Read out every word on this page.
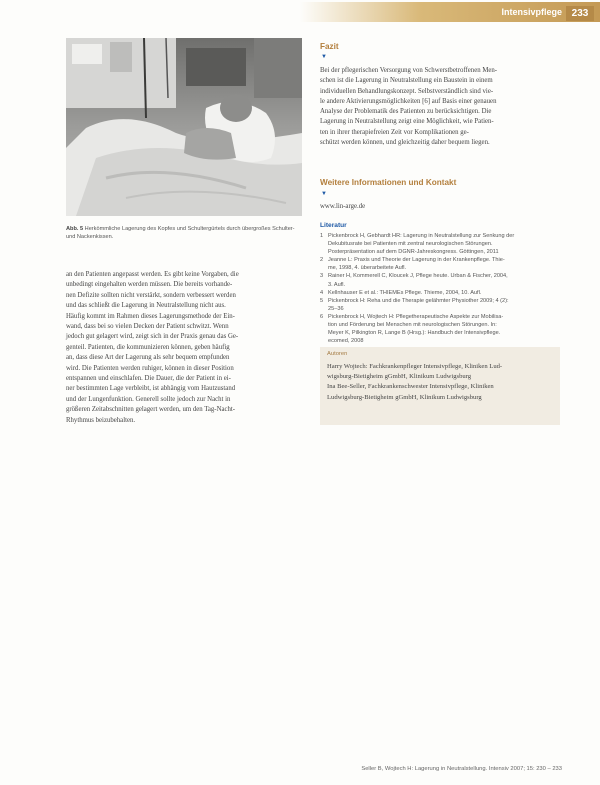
Intensivpflege 233
Abb. 5 Herkömmliche Lagerung des Kopfes und Schultergürtels durch übergroßes Schulter- und Nackenkissen.
an den Patienten angepasst werden. Es gibt keine Vorgaben, die
unbedingt eingehalten werden müssen. Die bereits vorhande-
nen Defizite sollten nicht verstärkt, sondern verbessert werden
und das schließt die Lagerung in Neutralstellung nicht aus.
Häufig kommt im Rahmen dieses Lagerungsmethode der Ein-
wand, dass bei so vielen Decken der Patient schwitzt. Wenn
jedoch gut gelagert wird, zeigt sich in der Praxis genau das Ge-
genteil. Patienten, die kommunizieren können, geben häufig
an, dass diese Art der Lagerung als sehr bequem empfunden
wird. Die Patienten werden ruhiger, können in dieser Position
entspannen und einschlafen. Die Dauer, die der Patient in ei-
ner bestimmten Lage verbleibt, ist abhängig vom Hautzustand
und der Lungenfunktion. Generell sollte jedoch zur Nacht in
größeren Zeitabschnitten gelagert werden, um den Tag-Nacht-
Rhythmus beizubehalten.
Fazit
▼
Bei der pflegerischen Versorgung von Schwerstbetroffenen Men-
schen ist die Lagerung in Neutralstellung ein Baustein in einem
individuellen Behandlungskonzept. Selbstverständlich sind vie-
le andere Aktivierungsmöglichkeiten [6] auf Basis einer genauen
Analyse der Problematik des Patienten zu berücksichtigen. Die
Lagerung in Neutralstellung zeigt eine Möglichkeit, wie Patien-
ten in ihrer therapiefreien Zeit vor Komplikationen ge-
schützt werden können, und gleichzeitig daher bequem liegen.
Weitere Informationen und Kontakt
▼
www.lin-arge.de
Literatur
1 Pickenbrock H, Gebhardt HR: Lagerung in Neutralstellung zur Senkung der
Dekubitusrate bei Patienten mit zentral neurologischen Störungen.
Posterpräsentation auf dem DGNR-Jahreskongress. Göttingen, 2011
2 Jeanne L: Praxis und Theorie der Lagerung in der Krankenpflege. Thie-
me, 1998, 4. überarbeitete Aufl.
3 Rainer H, Kommerell C, Kloucek J, Pflege heute. Urban & Fischer, 2004,
3. Aufl.
4 Kellnhauser E et al.: THIEMEs Pflege. Thieme, 2004, 10. Aufl.
5 Pickenbrock H: Reha und die Therapie gelähmter Physiother 2009; 4 (2):
25–36
6 Pickenbrock H, Wojtech H: Pflegetherapeutische Aspekte zur Mobilisa-
tion und Förderung bei Menschen mit neurologischen Störungen. In:
Meyer K, Pilkington R, Lange B (Hrsg.): Handbuch der Intensivpflege.
ecomed, 2008
Autoren
Harry Wojtech: Fachkrankenpfleger Intensivpflege, Kliniken Lud-
wigsburg-Bietigheim gGmbH, Klinikum Ludwigsburg
Ina Bee-Seller, Fachkrankenschwester Intensivpflege, Kliniken
Ludwigsburg-Bietigheim gGmbH, Klinikum Ludwigsburg
Seller B, Wojtech H: Lagerung in Neutralstellung. Intensiv 2007; 15: 230 – 233
